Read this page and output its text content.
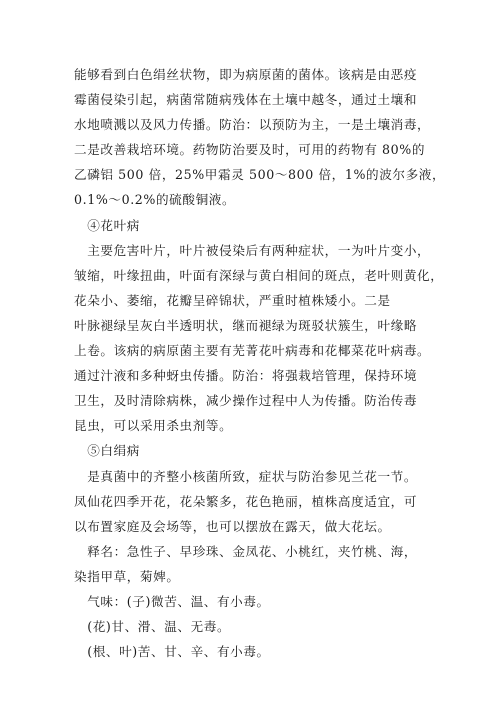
能够看到白色绢丝状物，即为病原菌的菌体。该病是由恶疫

霉菌侵染引起，病菌常随病残体在土壤中越冬，通过土壤和

水地喷溅以及风力传播。防治：以预防为主，一是土壤消毒，

二是改善栽培环境。药物防治要及时，可用的药物有 80%的

乙磷铝 500 倍，25%甲霜灵 500～800 倍，1%的波尔多液，

0.1%～0.2%的硫酸铜液。

　④花叶病

　主要危害叶片，叶片被侵染后有两种症状，一为叶片变小，

皱缩，叶缘扭曲，叶面有深绿与黄白相间的斑点，老叶则黄化，

花朵小、萎缩，花瓣呈碎锦状，严重时植株矮小。二是

叶脉褪绿呈灰白半透明状，继而褪绿为斑驳状簇生，叶缘略

上卷。该病的病原菌主要有芜菁花叶病毒和花椰菜花叶病毒。

通过汁液和多种蚜虫传播。防治：将强栽培管理，保持环境

卫生，及时清除病株，减少操作过程中人为传播。防治传毒

昆虫，可以采用杀虫剂等。

　⑤白绢病

　是真菌中的齐整小核菌所致，症状与防治参见兰花一节。

凤仙花四季开花，花朵繁多，花色艳丽，植株高度适宜，可

以布置家庭及会场等，也可以摆放在露天，做大花坛。

　释名：急性子、早珍珠、金凤花、小桃红，夹竹桃、海，

染指甲草，菊婢。

　气味：(子)微苦、温、有小毒。

　(花)甘、滑、温、无毒。

　(根、叶)苦、甘、辛、有小毒。
